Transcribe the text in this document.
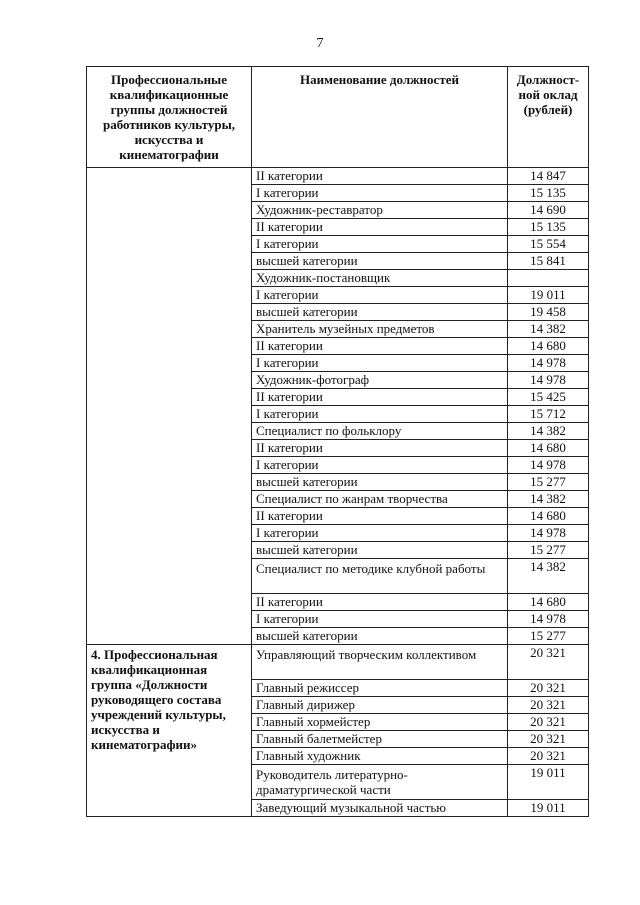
7
Профессиональные квалификационные группы должностей работников культуры, искусства и кинематографии	Наименование должностей	Должност-ной оклад (рублей)
	II категории	14 847
	I категории	15 135
	Художник-реставратор	14 690
	II категории	15 135
	I категории	15 554
	высшей категории	15 841
	Художник-постановщик	
	I категории	19 011
	высшей категории	19 458
	Хранитель музейных предметов	14 382
	II категории	14 680
	I категории	14 978
	Художник-фотограф	14 978
	II категории	15 425
	I категории	15 712
	Специалист по фольклору	14 382
	II категории	14 680
	I категории	14 978
	высшей категории	15 277
	Специалист по жанрам творчества	14 382
	II категории	14 680
	I категории	14 978
	высшей категории	15 277
	Специалист по методике клубной работы	14 382
	II категории	14 680
	I категории	14 978
	высшей категории	15 277
4. Профессиональная квалификационная группа «Должности руководящего состава учреждений культуры, искусства и кинематографии»	Управляющий творческим коллективом	20 321
	Главный режиссер	20 321
	Главный дирижер	20 321
	Главный хормейстер	20 321
	Главный балетмейстер	20 321
	Главный художник	20 321
	Руководитель литературно-драматургической части	19 011
	Заведующий музыкальной частью	19 011
